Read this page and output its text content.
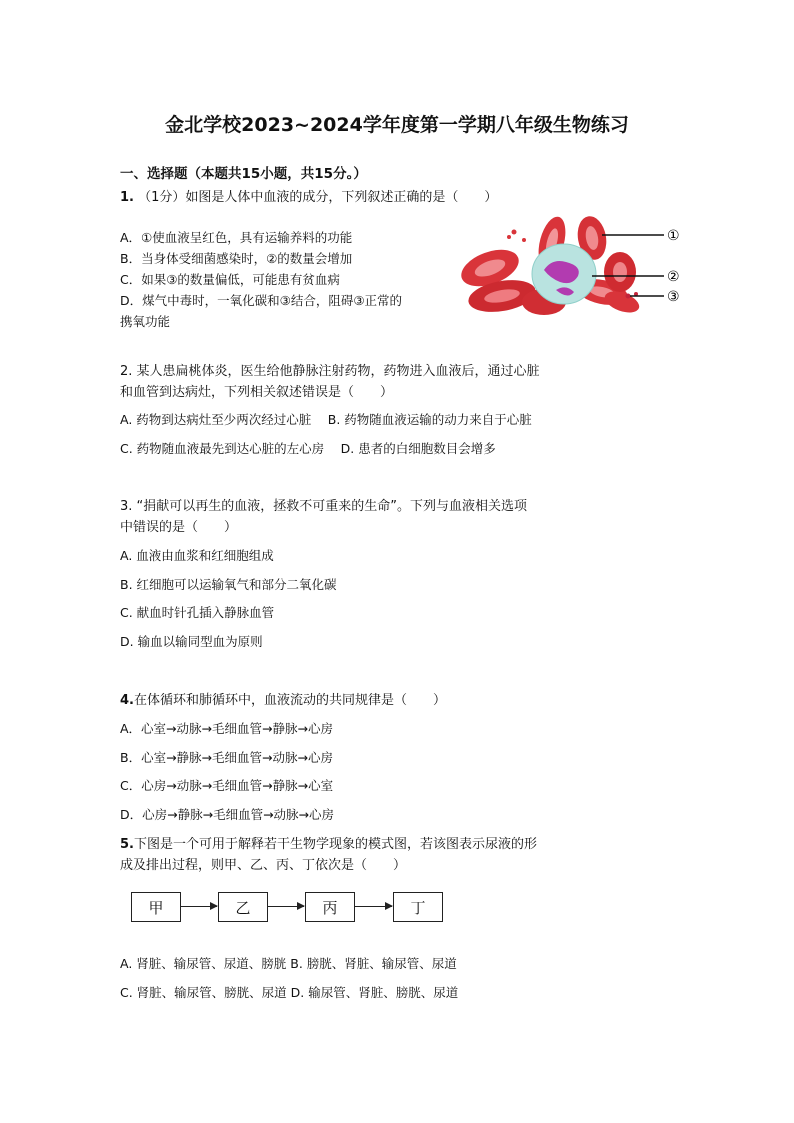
金北学校2023~2024学年度第一学期八年级生物练习
一、选择题（本题共15小题，共15分。）
1. （1分）如图是人体中血液的成分，下列叙述正确的是（　　）
A．①使血液呈红色，具有运输养料的功能
B．当身体受细菌感染时，②的数量会增加
C．如果③的数量偏低，可能患有贫血病
D．煤气中毒时，一氧化碳和③结合，阻碍③正常的
携氧功能
①
②
③
2. 某人患扁桃体炎，医生给他静脉注射药物，药物进入血液后，通过心脏
和血管到达病灶，下列相关叙述错误是（　　）
A. 药物到达病灶至少两次经过心脏　 B. 药物随血液运输的动力来自于心脏
C. 药物随血液最先到达心脏的左心房　 D. 患者的白细胞数目会增多
3. “捐献可以再生的血液，拯救不可重来的生命”。下列与血液相关选项
中错误的是（　　）
A. 血液由血浆和红细胞组成
B. 红细胞可以运输氧气和部分二氧化碳
C. 献血时针孔插入静脉血管
D. 输血以输同型血为原则
4.在体循环和肺循环中，血液流动的共同规律是（　　）
A．心室→动脉→毛细血管→静脉→心房
B．心室→静脉→毛细血管→动脉→心房
C．心房→动脉→毛细血管→静脉→心室
D．心房→静脉→毛细血管→动脉→心房
5.下图是一个可用于解释若干生物学现象的模式图，若该图表示尿液的形
成及排出过程，则甲、乙、丙、丁依次是（　　）
甲	乙	丙	丁
A. 肾脏、输尿管、尿道、膀胱 B. 膀胱、肾脏、输尿管、尿道
C. 肾脏、输尿管、膀胱、尿道 D. 输尿管、肾脏、膀胱、尿道
